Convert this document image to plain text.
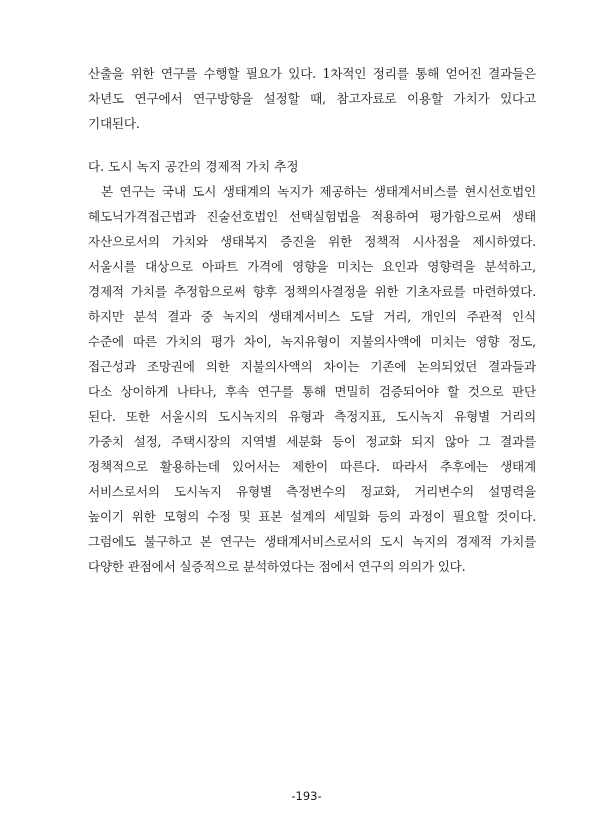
산출을 위한 연구를 수행할 필요가 있다. 1차적인 정리를 통해 얻어진 결과들은
차년도 연구에서 연구방향을 설정할 때, 참고자료로 이용할 가치가 있다고
기대된다.
다. 도시 녹지 공간의 경제적 가치 추정
본 연구는 국내 도시 생태계의 녹지가 제공하는 생태계서비스를 현시선호법인
헤도닉가격접근법과 진술선호법인 선택실험법을 적용하여 평가함으로써 생태
자산으로서의 가치와 생태복지 증진을 위한 정책적 시사점을 제시하였다.
서울시를 대상으로 아파트 가격에 영향을 미치는 요인과 영향력을 분석하고,
경제적 가치를 추정함으로써 향후 정책의사결정을 위한 기초자료를 마련하였다.
하지만 분석 결과 중 녹지의 생태계서비스 도달 거리, 개인의 주관적 인식
수준에 따른 가치의 평가 차이, 녹지유형이 지불의사액에 미치는 영향 정도,
접근성과 조망권에 의한 지불의사액의 차이는 기존에 논의되었던 결과들과
다소 상이하게 나타나, 후속 연구를 통해 면밀히 검증되어야 할 것으로 판단
된다. 또한 서울시의 도시녹지의 유형과 측정지표, 도시녹지 유형별 거리의
가중치 설정, 주택시장의 지역별 세분화 등이 정교화 되지 않아 그 결과를
정책적으로 활용하는데 있어서는 제한이 따른다. 따라서 추후에는 생태계
서비스로서의 도시녹지 유형별 측정변수의 정교화, 거리변수의 설명력을
높이기 위한 모형의 수정 및 표본 설계의 세밀화 등의 과정이 필요할 것이다.
그럼에도 불구하고 본 연구는 생태계서비스로서의 도시 녹지의 경제적 가치를
다양한 관점에서 실증적으로 분석하였다는 점에서 연구의 의의가 있다.
-193-
